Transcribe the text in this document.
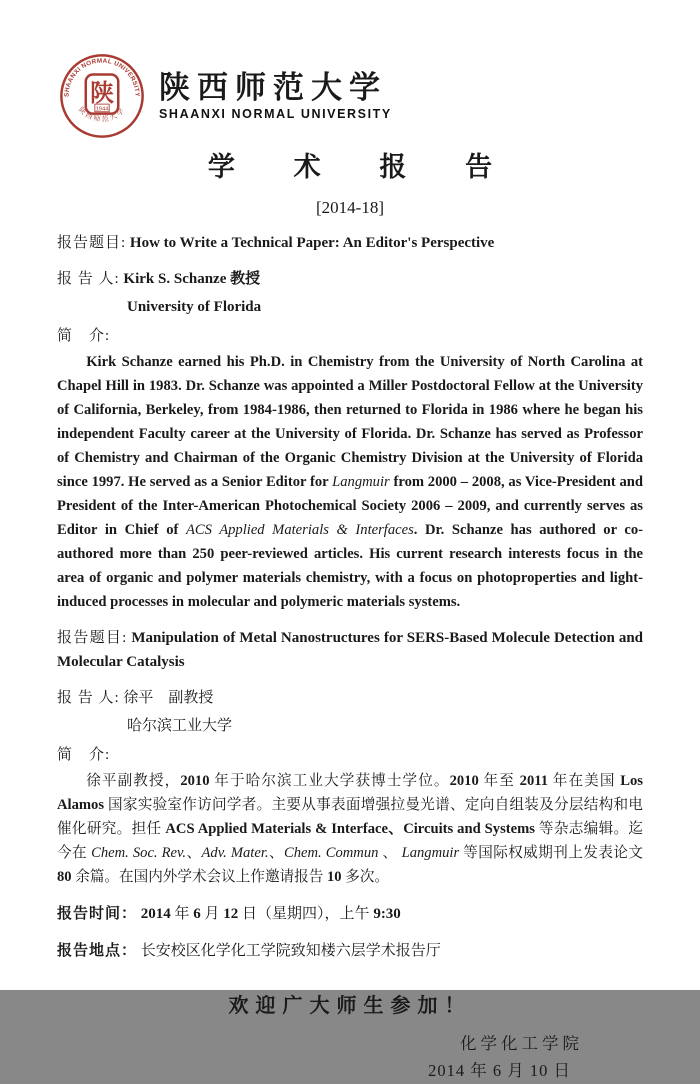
SHAANXI NORMAL UNIVERSITY
陕西师范大学
陕
1944
陕西师范大学
SHAANXI NORMAL UNIVERSITY
学 术 报 告
[2014-18]

报告题目: How to Write a Technical Paper: An Editor's Perspective

报 告 人: Kirk S. Schanze 教授

University of Florida
简　介:

Kirk Schanze earned his Ph.D. in Chemistry from the University of North Carolina at Chapel Hill in 1983. Dr. Schanze was appointed a Miller Postdoctoral Fellow at the University of California, Berkeley, from 1984-1986, then returned to Florida in 1986 where he began his independent Faculty career at the University of Florida. Dr. Schanze has served as Professor of Chemistry and Chairman of the Organic Chemistry Division at the University of Florida since 1997. He served as a Senior Editor for Langmuir from 2000 – 2008, as Vice-President and President of the Inter-American Photochemical Society 2006 – 2009, and currently serves as Editor in Chief of ACS Applied Materials & Interfaces. Dr. Schanze has authored or co-authored more than 250 peer-reviewed articles. His current research interests focus in the area of organic and polymer materials chemistry, with a focus on photoproperties and light-induced processes in molecular and polymeric materials systems.

报告题目: Manipulation of Metal Nanostructures for SERS-Based Molecule Detection and Molecular Catalysis

报 告 人: 徐平　副教授

哈尔滨工业大学
简　介:

徐平副教授，2010 年于哈尔滨工业大学获博士学位。2010 年至 2011 年在美国 Los Alamos 国家实验室作访问学者。主要从事表面增强拉曼光谱、定向自组装及分层结构和电催化研究。担任 ACS Applied Materials & Interface、Circuits and Systems 等杂志编辑。迄今在 Chem. Soc. Rev.、Adv. Mater.、Chem. Commun 、 Langmuir 等国际权威期刊上发表论文 80 余篇。在国内外学术会议上作邀请报告 10 多次。

报告时间： 2014 年 6 月 12 日（星期四），上午 9:30

报告地点： 长安校区化学化工学院致知楼六层学术报告厅

欢迎广大师生参加！
化学化工学院
2014 年 6 月 10 日
